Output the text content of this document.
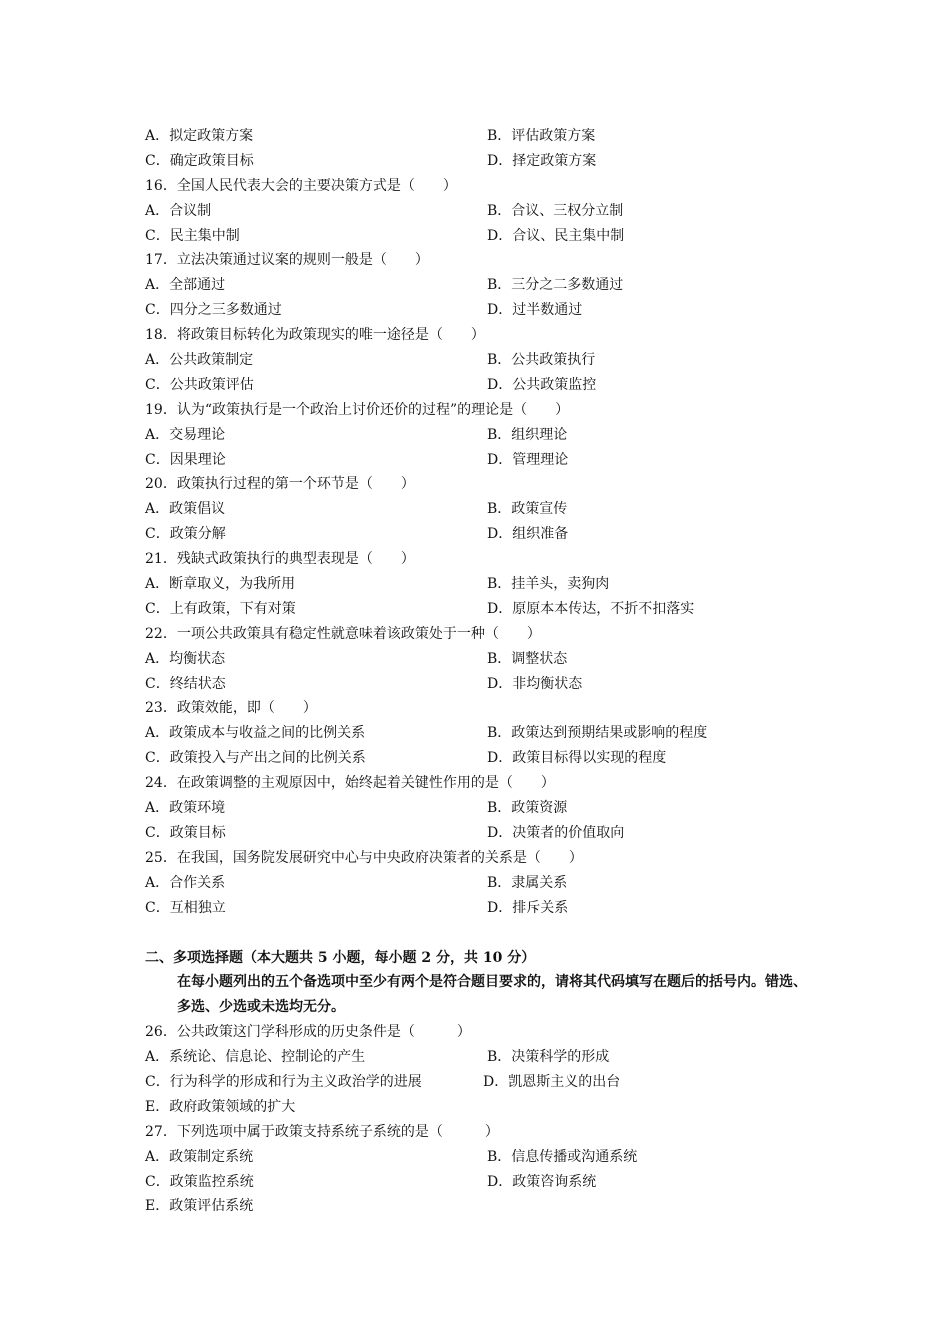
A．拟定政策方案	B．评估政策方案
C．确定政策目标	D．择定政策方案
16．全国人民代表大会的主要决策方式是（　　）
A．合议制	B．合议、三权分立制
C．民主集中制	D．合议、民主集中制
17．立法决策通过议案的规则一般是（　　）
A．全部通过	B．三分之二多数通过
C．四分之三多数通过	D．过半数通过
18．将政策目标转化为政策现实的唯一途径是（　　）
A．公共政策制定	B．公共政策执行
C．公共政策评估	D．公共政策监控
19．认为“政策执行是一个政治上讨价还价的过程”的理论是（　　）
A．交易理论	B．组织理论
C．因果理论	D．管理理论
20．政策执行过程的第一个环节是（　　）
A．政策倡议	B．政策宣传
C．政策分解	D．组织准备
21．残缺式政策执行的典型表现是（　　）
A．断章取义，为我所用	B．挂羊头，卖狗肉
C．上有政策，下有对策	D．原原本本传达，不折不扣落实
22．一项公共政策具有稳定性就意味着该政策处于一种（　　）
A．均衡状态	B．调整状态
C．终结状态	D．非均衡状态
23．政策效能，即（　　）
A．政策成本与收益之间的比例关系	B．政策达到预期结果或影响的程度
C．政策投入与产出之间的比例关系	D．政策目标得以实现的程度
24．在政策调整的主观原因中，始终起着关键性作用的是（　　）
A．政策环境	B．政策资源
C．政策目标	D．决策者的价值取向
25．在我国，国务院发展研究中心与中央政府决策者的关系是（　　）
A．合作关系	B．隶属关系
C．互相独立	D．排斥关系
二、多项选择题（本大题共 5 小题，每小题 2 分，共 10 分）
在每小题列出的五个备选项中至少有两个是符合题目要求的，请将其代码填写在题后的括号内。错选、
多选、少选或未选均无分。
26．公共政策这门学科形成的历史条件是（　　　）
A．系统论、信息论、控制论的产生	B．决策科学的形成
C．行为科学的形成和行为主义政治学的进展	D．凯恩斯主义的出台
E．政府政策领域的扩大
27．下列选项中属于政策支持系统子系统的是（　　　）
A．政策制定系统	B．信息传播或沟通系统
C．政策监控系统	D．政策咨询系统
E．政策评估系统
